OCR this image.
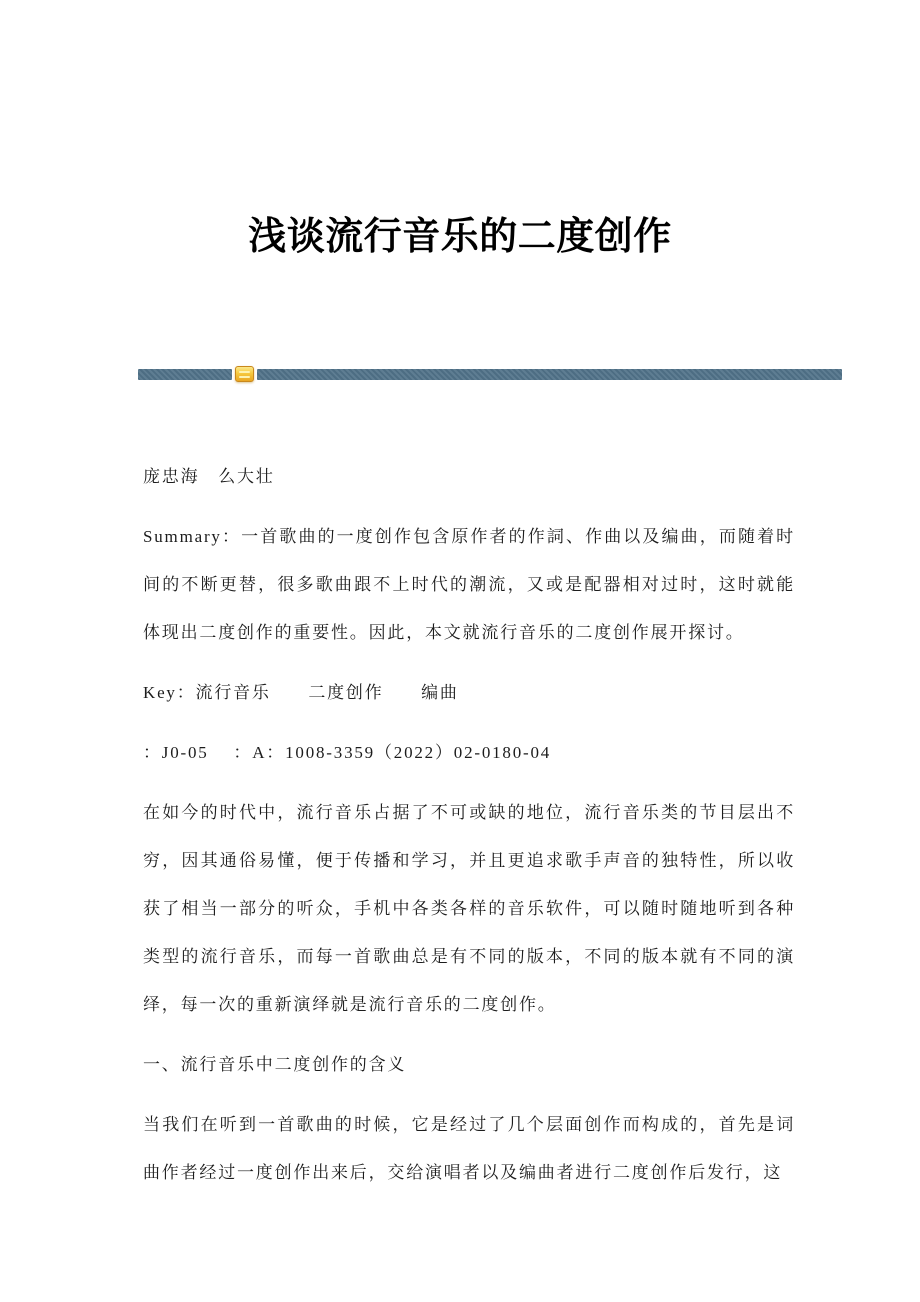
浅谈流行音乐的二度创作

庞忠海　么大壮

Summary：一首歌曲的一度创作包含原作者的作詞、作曲以及编曲，而随着时间的不断更替，很多歌曲跟不上时代的潮流，又或是配器相对过时，这时就能体现出二度创作的重要性。因此，本文就流行音乐的二度创作展开探讨。

Key：流行音乐　　二度创作　　编曲

：J0-05　 ：A：1008-3359（2022）02-0180-04

在如今的时代中，流行音乐占据了不可或缺的地位，流行音乐类的节目层出不穷，因其通俗易懂，便于传播和学习，并且更追求歌手声音的独特性，所以收获了相当一部分的听众，手机中各类各样的音乐软件，可以随时随地听到各种类型的流行音乐，而每一首歌曲总是有不同的版本，不同的版本就有不同的演绎，每一次的重新演绎就是流行音乐的二度创作。

一、流行音乐中二度创作的含义

当我们在听到一首歌曲的时候，它是经过了几个层面创作而构成的，首先是词曲作者经过一度创作出来后，交给演唱者以及编曲者进行二度创作后发行，这
